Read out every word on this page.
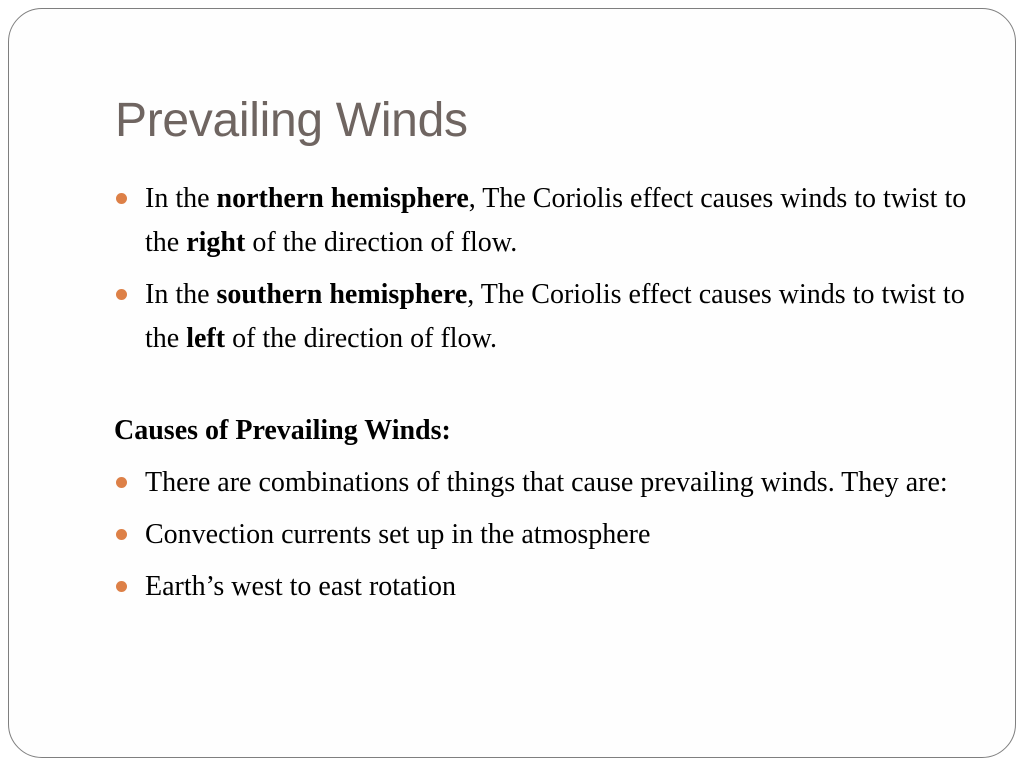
Prevailing Winds

In the northern hemisphere, The Coriolis effect causes winds to twist to the right of the direction of flow.

In the southern hemisphere, The Coriolis effect causes winds to twist to the left of the direction of flow.

Causes of Prevailing Winds:

There are combinations of things that cause prevailing winds. They are:

Convection currents set up in the atmosphere

Earth’s west to east rotation
